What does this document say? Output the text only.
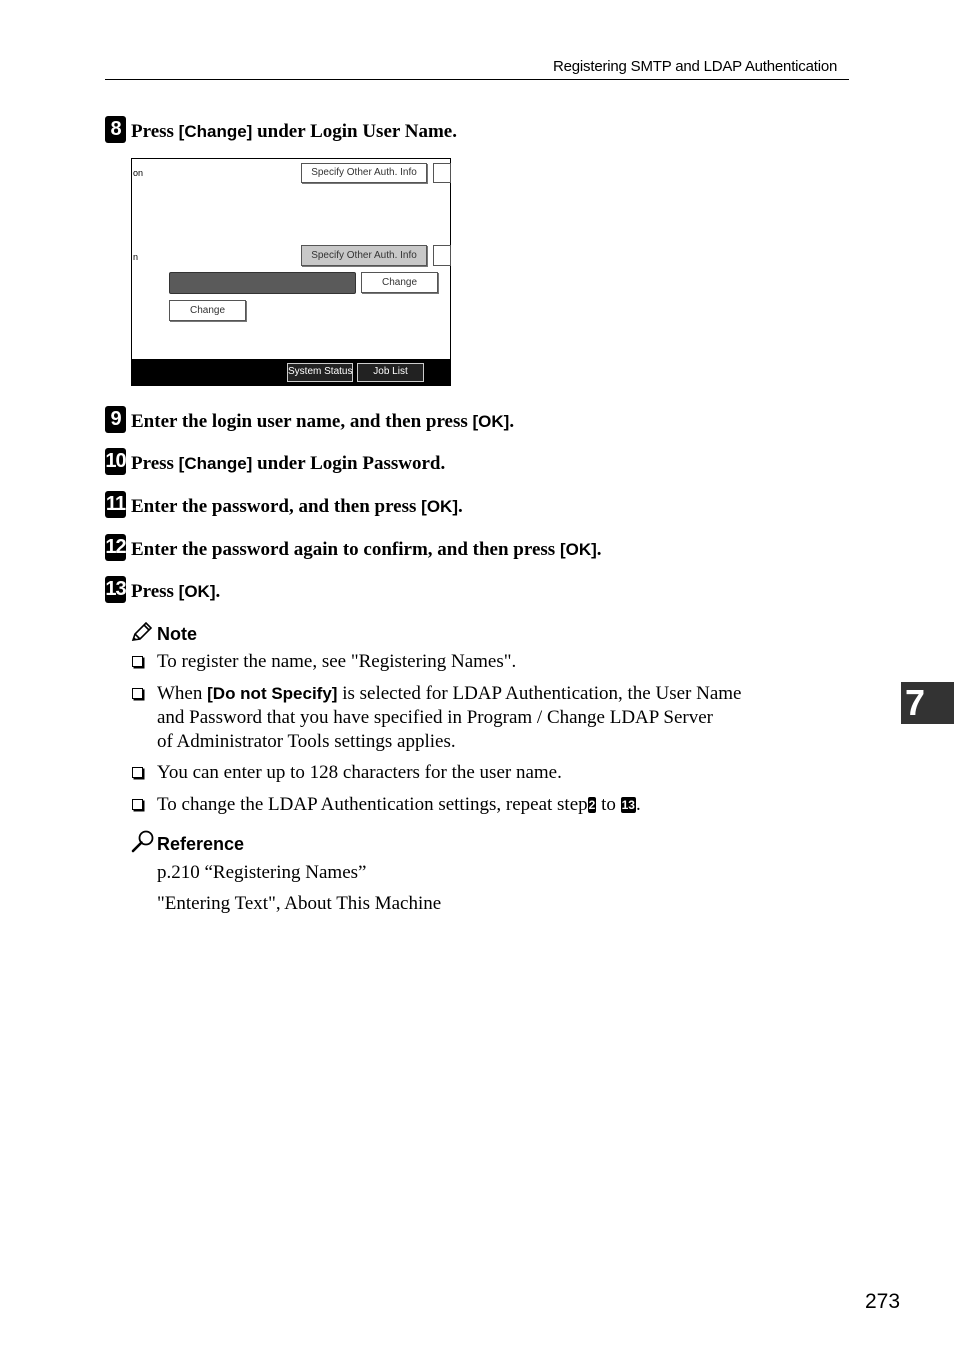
Registering SMTP and LDAP Authentication
8 Press [Change] under Login User Name.
on	Specify Other Auth. Info
n	Specify Other Auth. Info
Change
Change
System Status	Job List
9 Enter the login user name, and then press [OK].
10 Press [Change] under Login Password.
11 Enter the password, and then press [OK].
12 Enter the password again to confirm, and then press [OK].
13 Press [OK].
Note
To register the name, see "Registering Names".
When [Do not Specify] is selected for LDAP Authentication, the User Name
and Password that you have specified in Program / Change LDAP Server
of Administrator Tools settings applies.
You can enter up to 128 characters for the user name.
To change the LDAP Authentication settings, repeat step2 to 13.
Reference
p.210 “Registering Names”
"Entering Text", About This Machine
7
273
